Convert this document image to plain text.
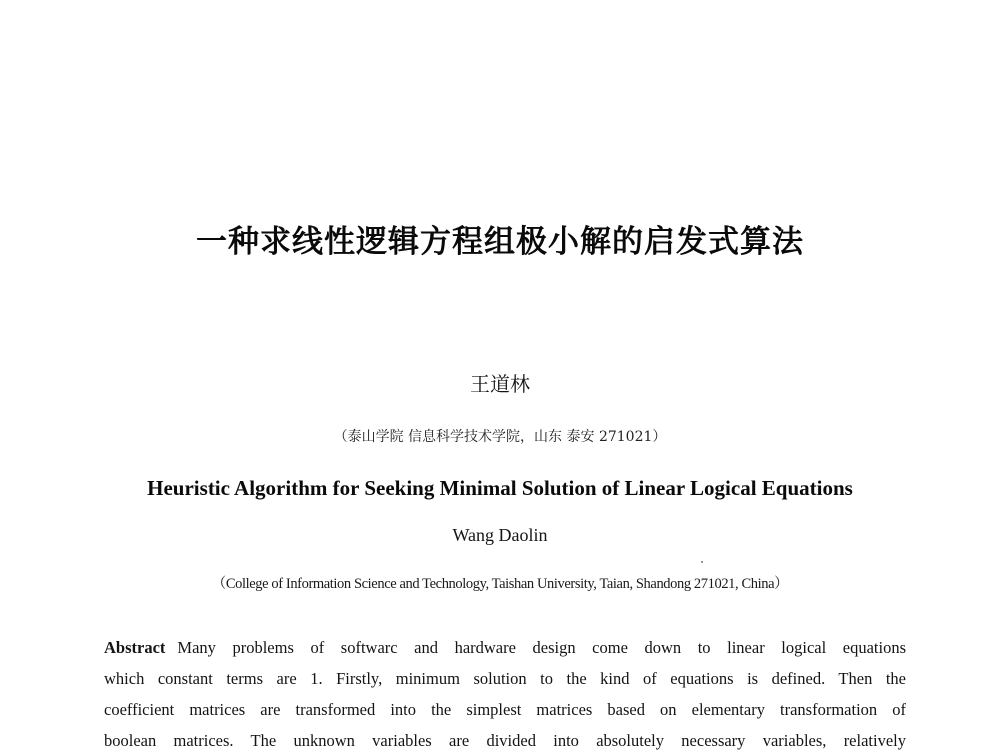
一种求线性逻辑方程组极小解的启发式算法
王道林
（泰山学院 信息科学技术学院，山东 泰安 271021）
Heuristic Algorithm for Seeking Minimal Solution of Linear Logical Equations
Wang Daolin
（College of Information Science and Technology, Taishan University, Taian, Shandong 271021, China）
Abstract Many problems of softwarc and hardware design come down to linear logical equations
which constant terms are 1. Firstly, minimum solution to the kind of equations is defined. Then the
coefficient matrices are transformed into the simplest matrices based on elementary transformation of
boolean matrices. The unknown variables are divided into absolutely necessary variables, relatively
